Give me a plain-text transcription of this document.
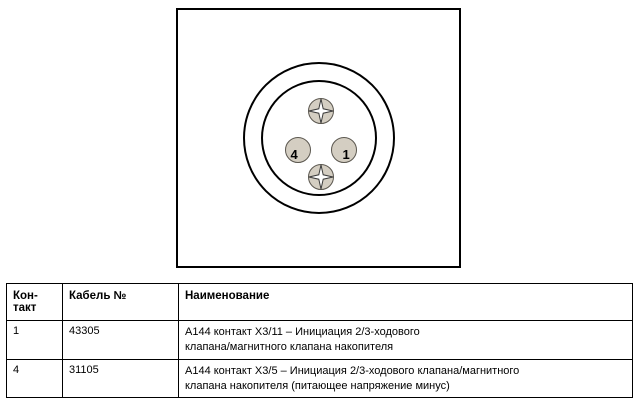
4	1
Кон-
такт	Кабель №	Наименование
1	43305	A144 контакт X3/11 – Инициация 2/3-ходового
клапана/магнитного клапана накопителя
4	31105	A144 контакт X3/5 – Инициация 2/3-ходового клапана/магнитного
клапана накопителя (питающее напряжение минус)
